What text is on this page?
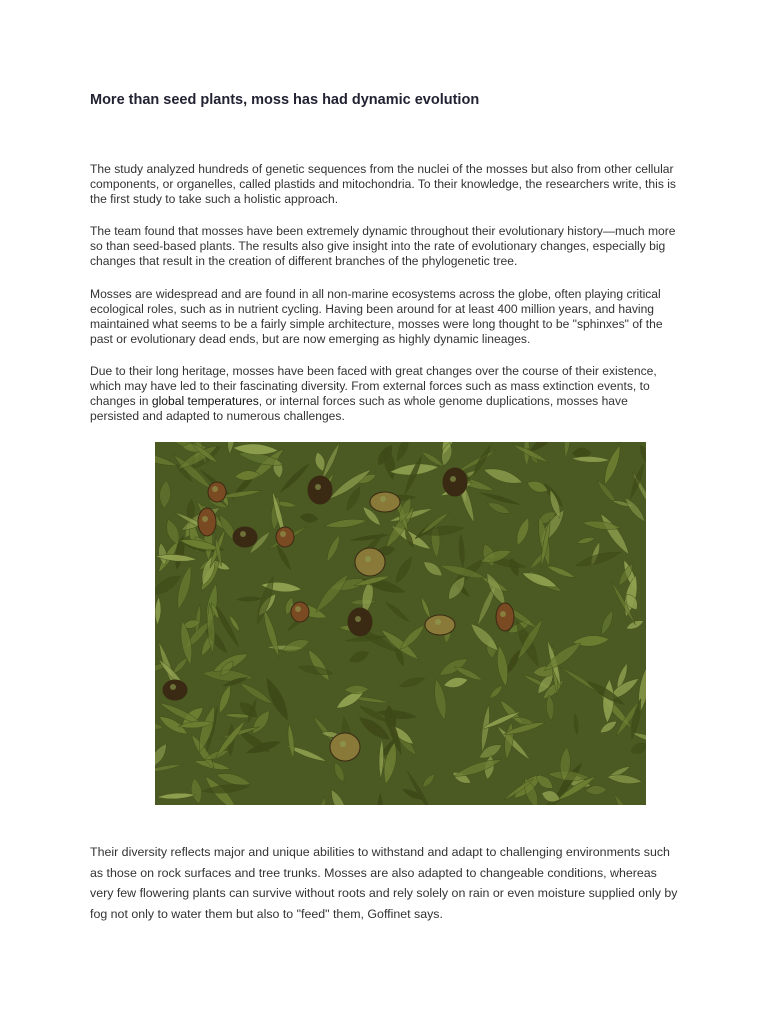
More than seed plants, moss has had dynamic evolution

The study analyzed hundreds of genetic sequences from the nuclei of the mosses but also from other cellular components, or organelles, called plastids and mitochondria. To their knowledge, the researchers write, this is the first study to take such a holistic approach.

The team found that mosses have been extremely dynamic throughout their evolutionary history—much more so than seed-based plants. The results also give insight into the rate of evolutionary changes, especially big changes that result in the creation of different branches of the phylogenetic tree.

Mosses are widespread and are found in all non-marine ecosystems across the globe, often playing critical ecological roles, such as in nutrient cycling. Having been around for at least 400 million years, and having maintained what seems to be a fairly simple architecture, mosses were long thought to be "sphinxes" of the past or evolutionary dead ends, but are now emerging as highly dynamic lineages.

Due to their long heritage, mosses have been faced with great changes over the course of their existence, which may have led to their fascinating diversity. From external forces such as mass extinction events, to changes in global temperatures, or internal forces such as whole genome duplications, mosses have persisted and adapted to numerous challenges.

Their diversity reflects major and unique abilities to withstand and adapt to challenging environments such as those on rock surfaces and tree trunks. Mosses are also adapted to changeable conditions, whereas very few flowering plants can survive without roots and rely solely on rain or even moisture supplied only by fog not only to water them but also to "feed" them, Goffinet says.
